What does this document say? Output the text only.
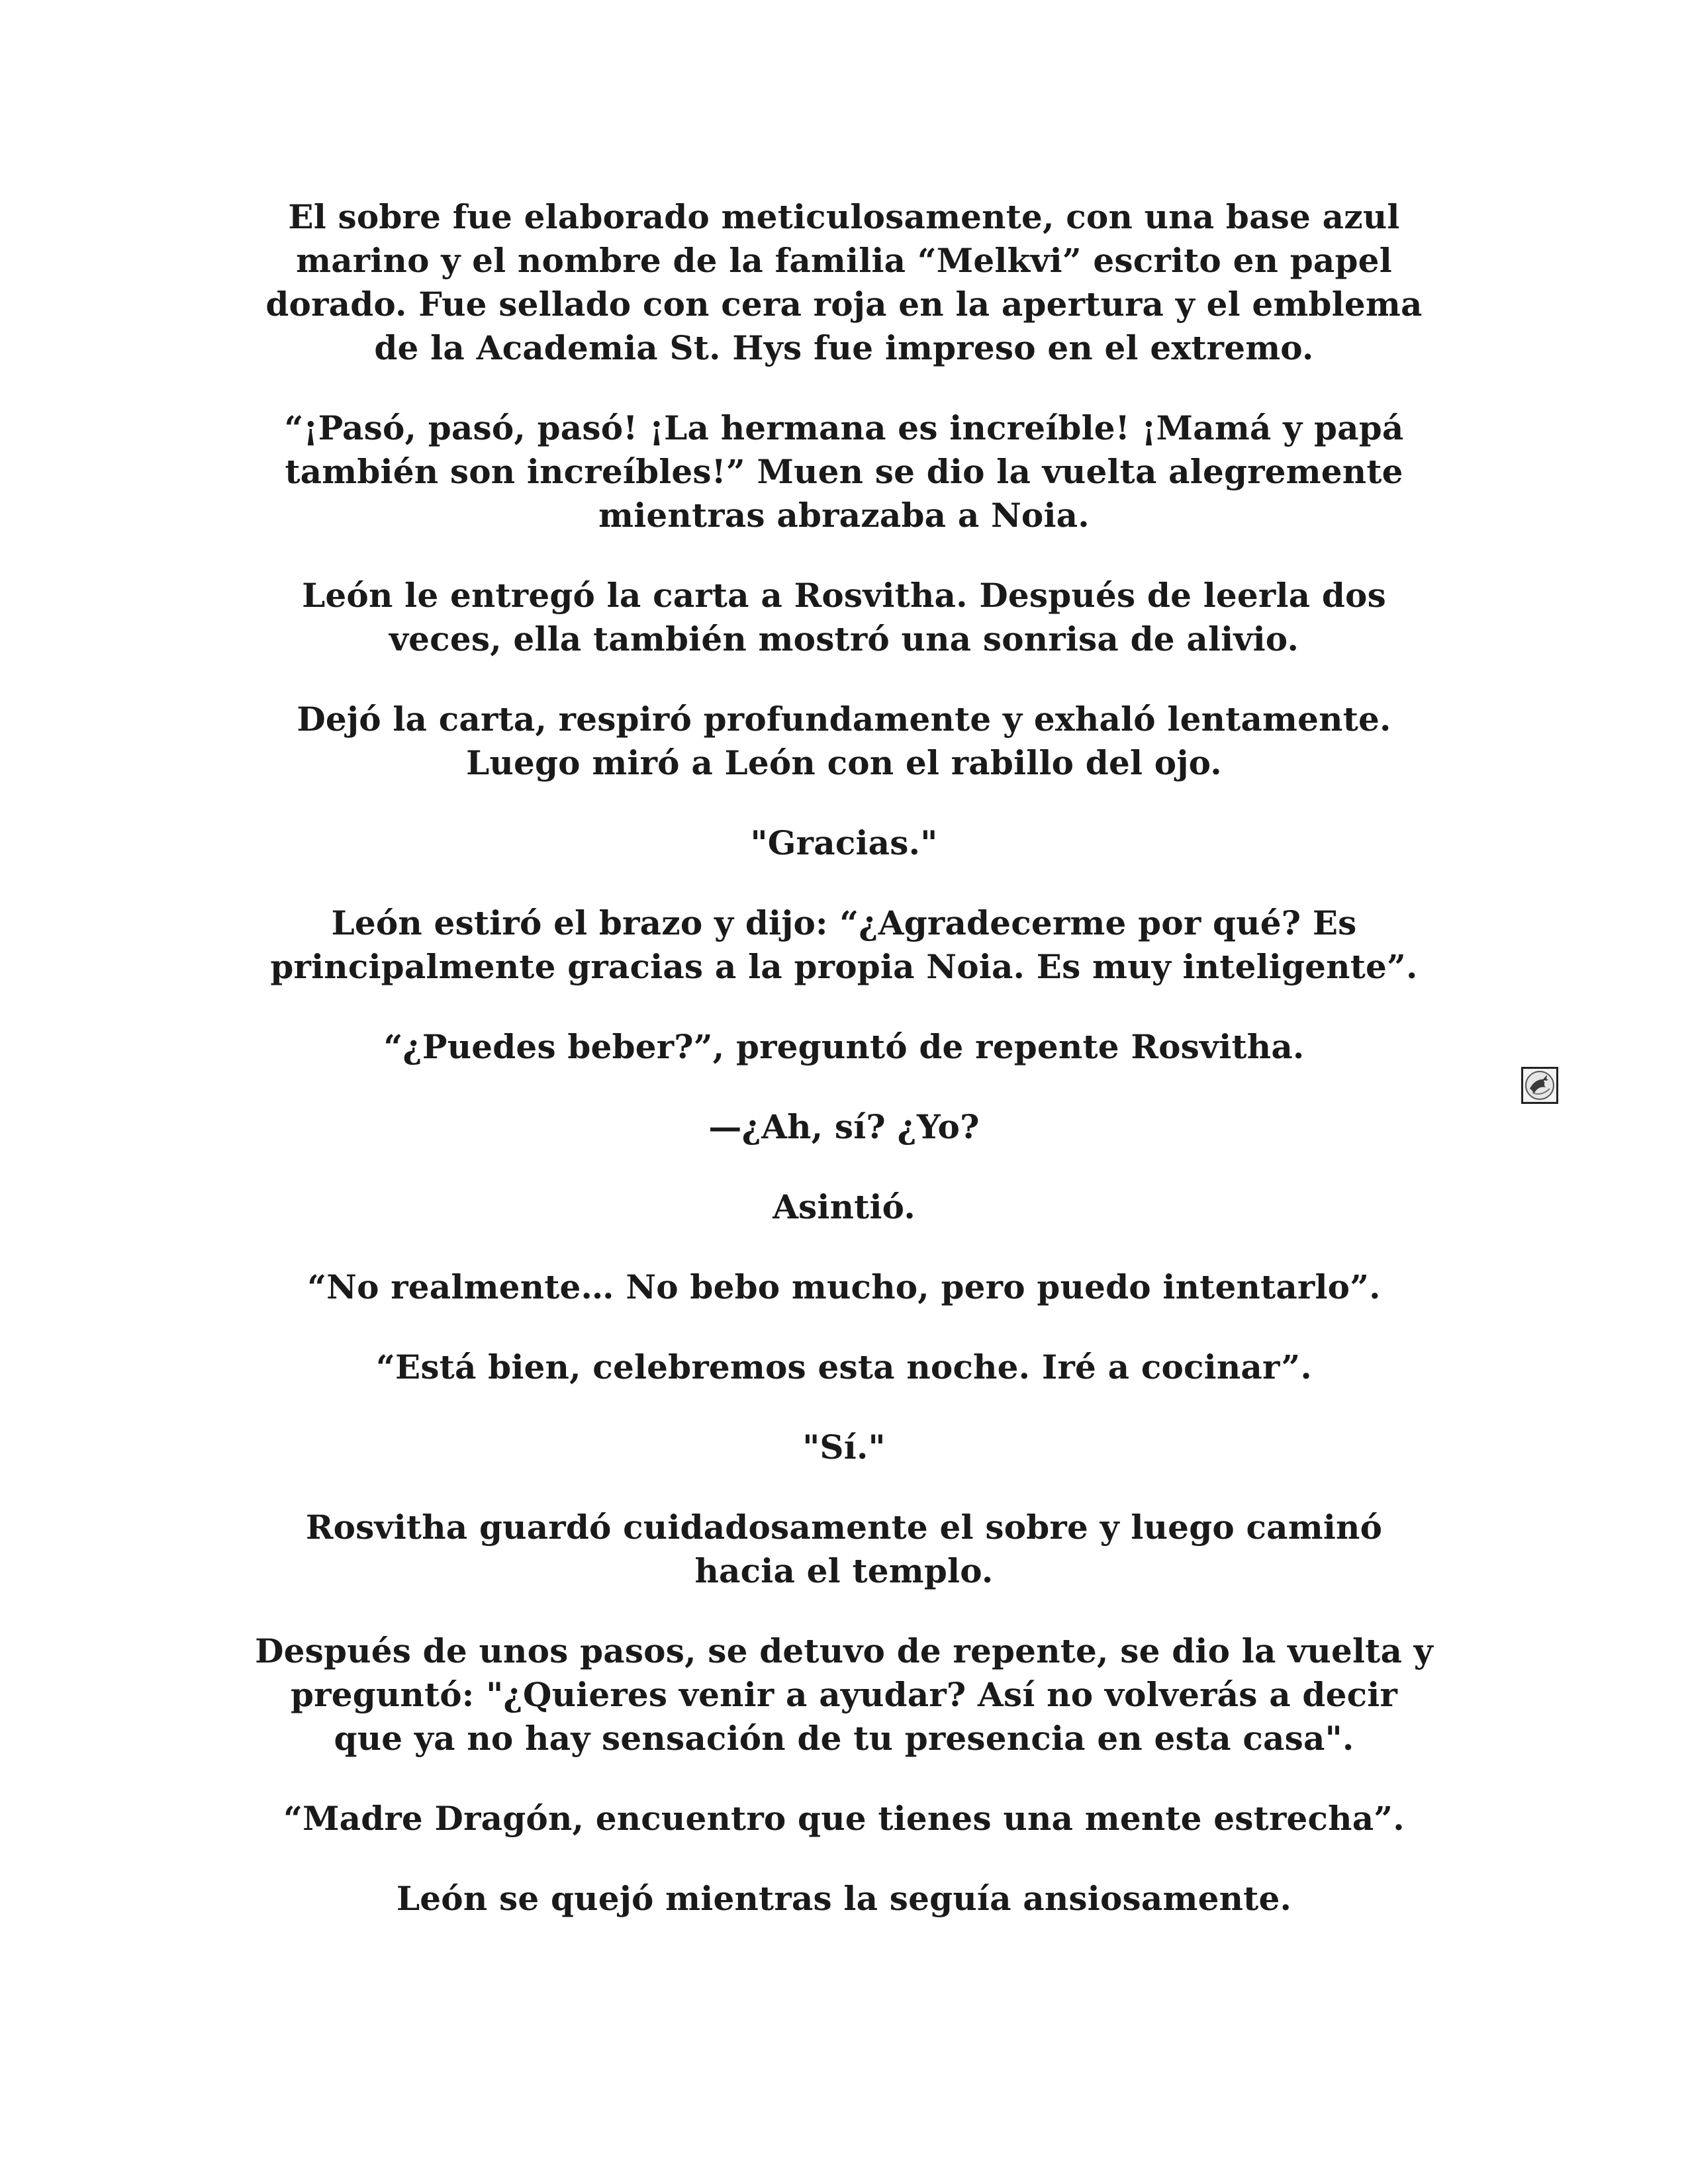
El sobre fue elaborado meticulosamente, con una base azul
marino y el nombre de la familia “Melkvi” escrito en papel
dorado. Fue sellado con cera roja en la apertura y el emblema
de la Academia St. Hys fue impreso en el extremo.

“¡Pasó, pasó, pasó! ¡La hermana es increíble! ¡Mamá y papá
también son increíbles!” Muen se dio la vuelta alegremente
mientras abrazaba a Noia.

León le entregó la carta a Rosvitha. Después de leerla dos
veces, ella también mostró una sonrisa de alivio.

Dejó la carta, respiró profundamente y exhaló lentamente.
Luego miró a León con el rabillo del ojo.

"Gracias."

León estiró el brazo y dijo: “¿Agradecerme por qué? Es
principalmente gracias a la propia Noia. Es muy inteligente”.

“¿Puedes beber?”, preguntó de repente Rosvitha.

—¿Ah, sí? ¿Yo?

Asintió.

“No realmente… No bebo mucho, pero puedo intentarlo”.

“Está bien, celebremos esta noche. Iré a cocinar”.

"Sí."

Rosvitha guardó cuidadosamente el sobre y luego caminó
hacia el templo.

Después de unos pasos, se detuvo de repente, se dio la vuelta y
preguntó: "¿Quieres venir a ayudar? Así no volverás a decir
que ya no hay sensación de tu presencia en esta casa".

“Madre Dragón, encuentro que tienes una mente estrecha”.

León se quejó mientras la seguía ansiosamente.
